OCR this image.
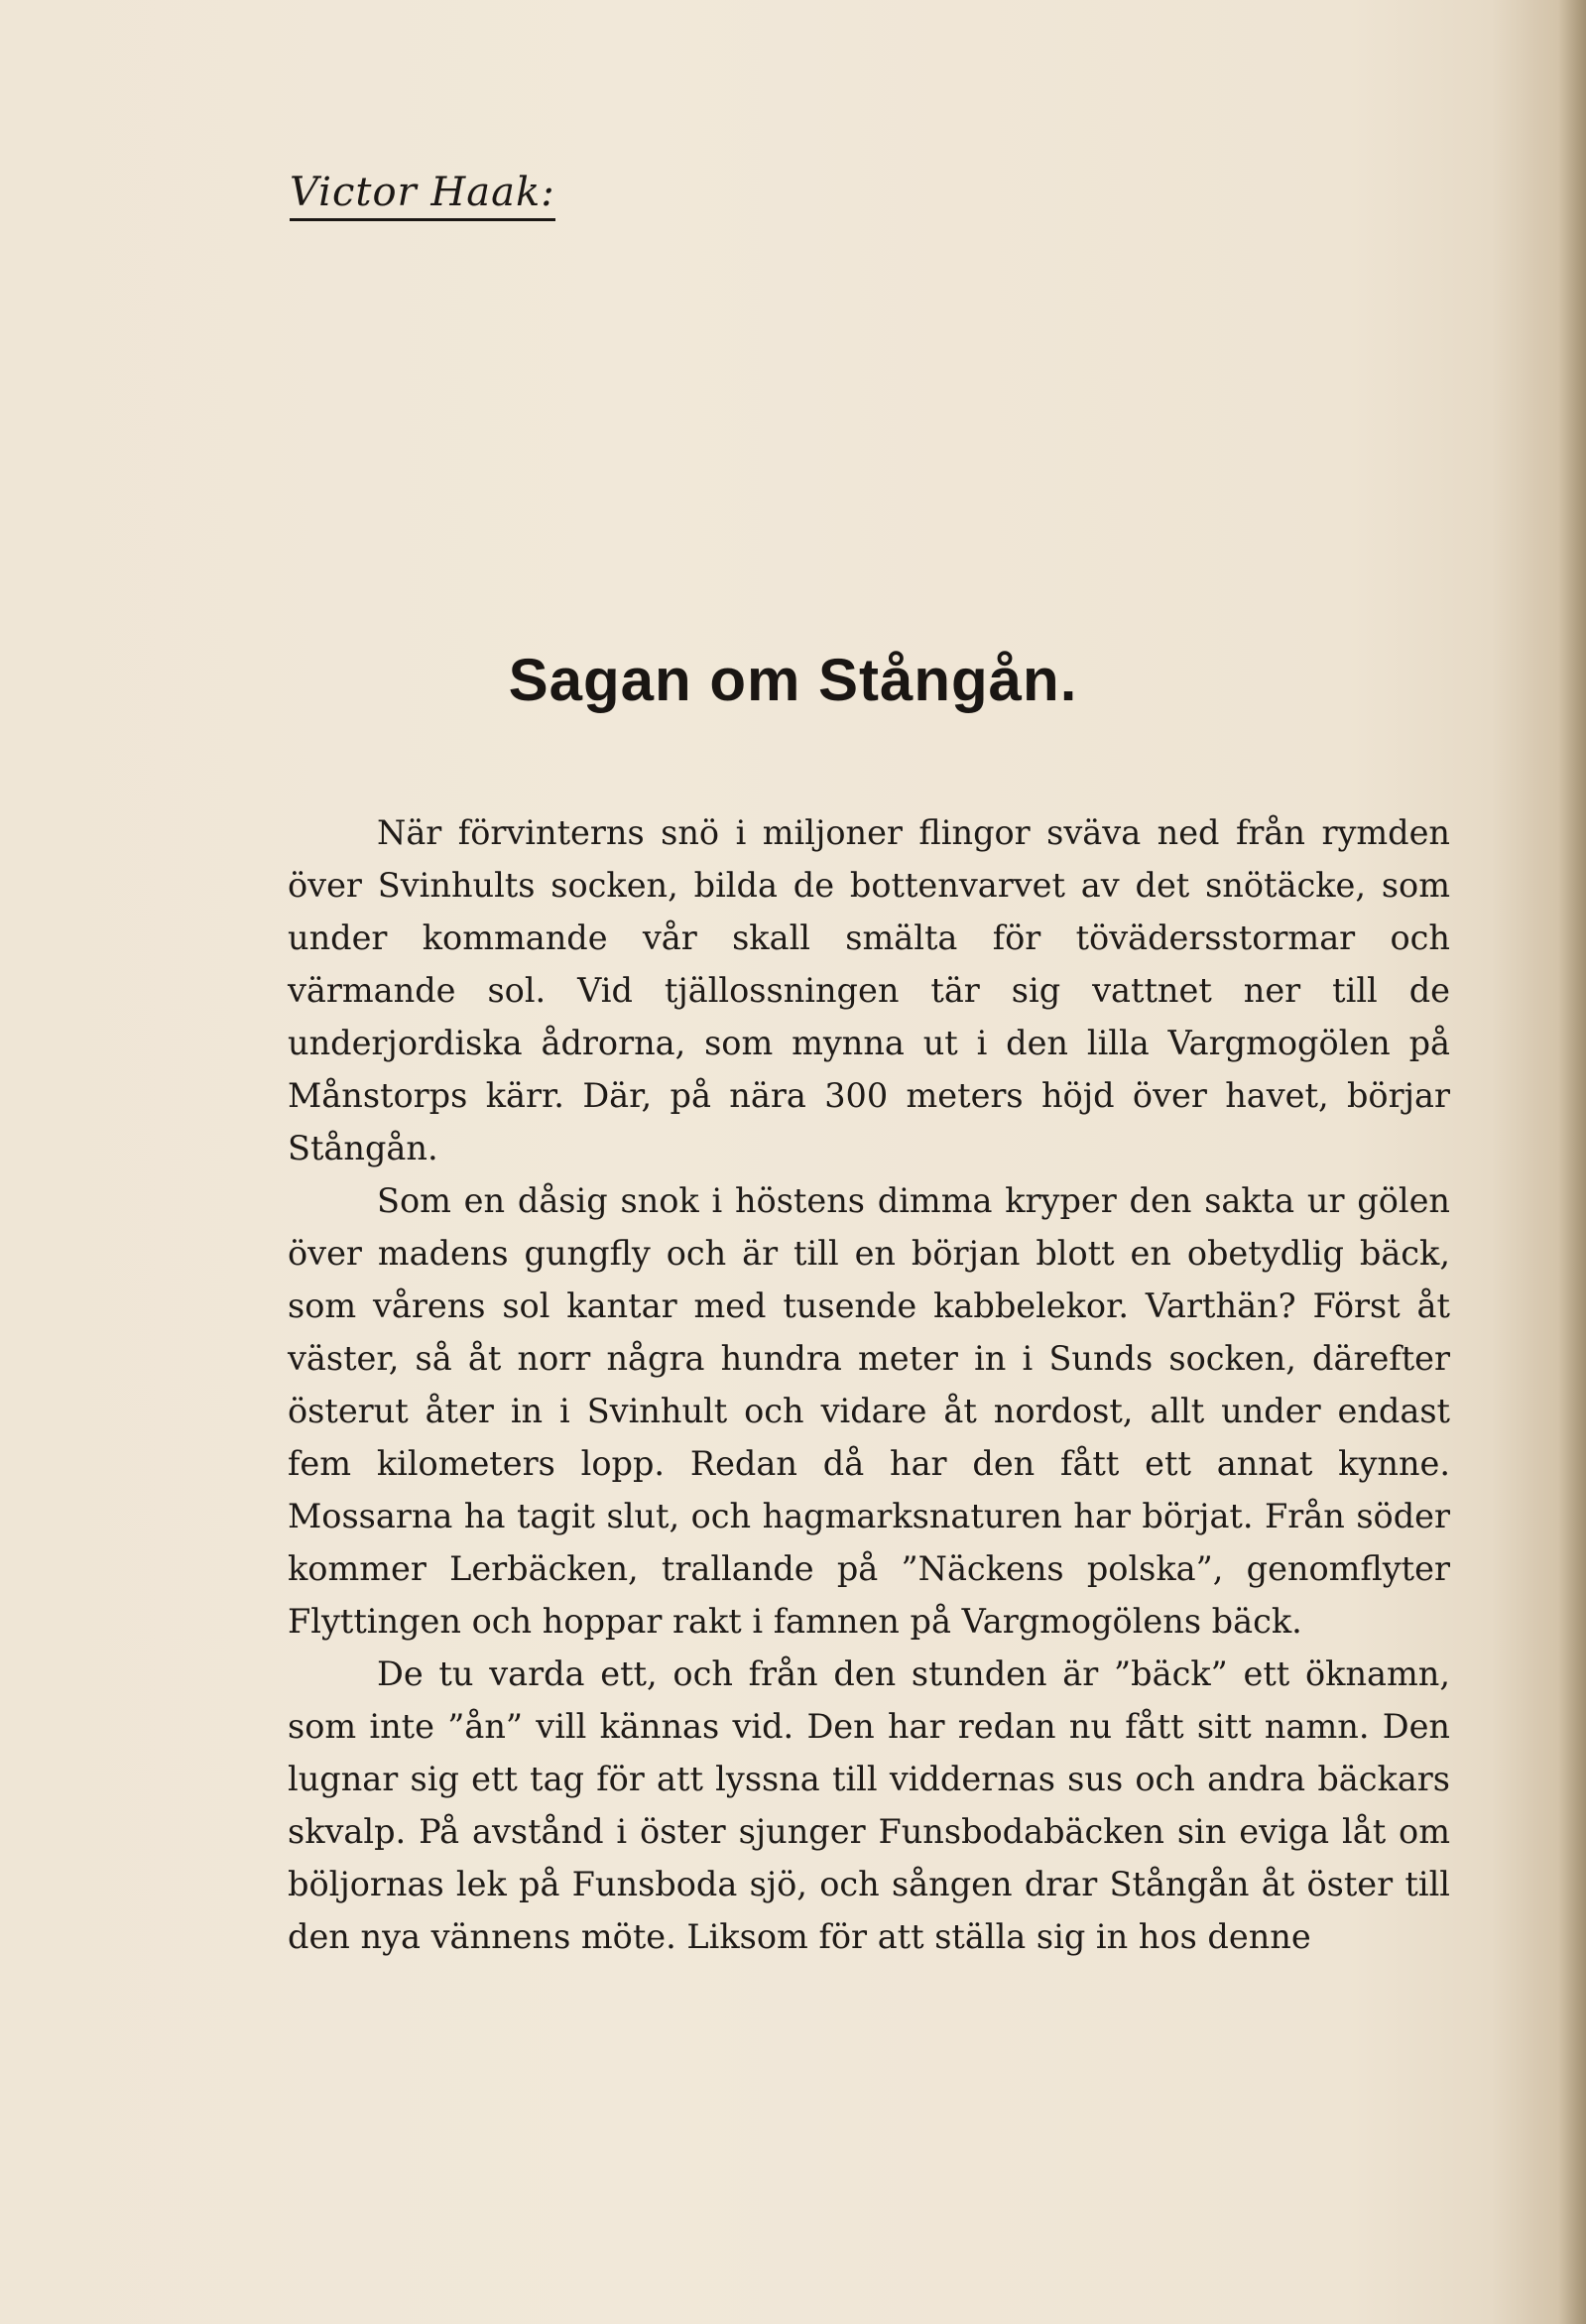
Victor Haak:
Sagan om Stångån.

När förvinterns snö i miljoner flingor sväva ned från rymden över Svinhults socken, bilda de bottenvarvet av det snötäcke, som under kommande vår skall smälta för tövädersstormar och värmande sol. Vid tjällossningen tär sig vattnet ner till de underjordiska ådrorna, som mynna ut i den lilla Vargmogölen på Månstorps kärr. Där, på nära 300 meters höjd över havet, börjar Stångån.

Som en dåsig snok i höstens dimma kryper den sakta ur gölen över madens gungfly och är till en början blott en obetydlig bäck, som vårens sol kantar med tusende kabbelekor. Varthän? Först åt väster, så åt norr några hundra meter in i Sunds socken, därefter österut åter in i Svinhult och vidare åt nordost, allt under endast fem kilometers lopp. Redan då har den fått ett annat kynne. Mossarna ha tagit slut, och hagmarksnaturen har börjat. Från söder kommer Lerbäcken, trallande på ”Näckens polska”, genomflyter Flyttingen och hoppar rakt i famnen på Vargmogölens bäck.

De tu varda ett, och från den stunden är ”bäck” ett öknamn, som inte ”ån” vill kännas vid. Den har redan nu fått sitt namn. Den lugnar sig ett tag för att lyssna till viddernas sus och andra bäckars skvalp. På avstånd i öster sjunger Funsbodabäcken sin eviga låt om böljornas lek på Funsboda sjö, och sången drar Stångån åt öster till den nya vännens möte. Liksom för att ställa sig in hos denne
